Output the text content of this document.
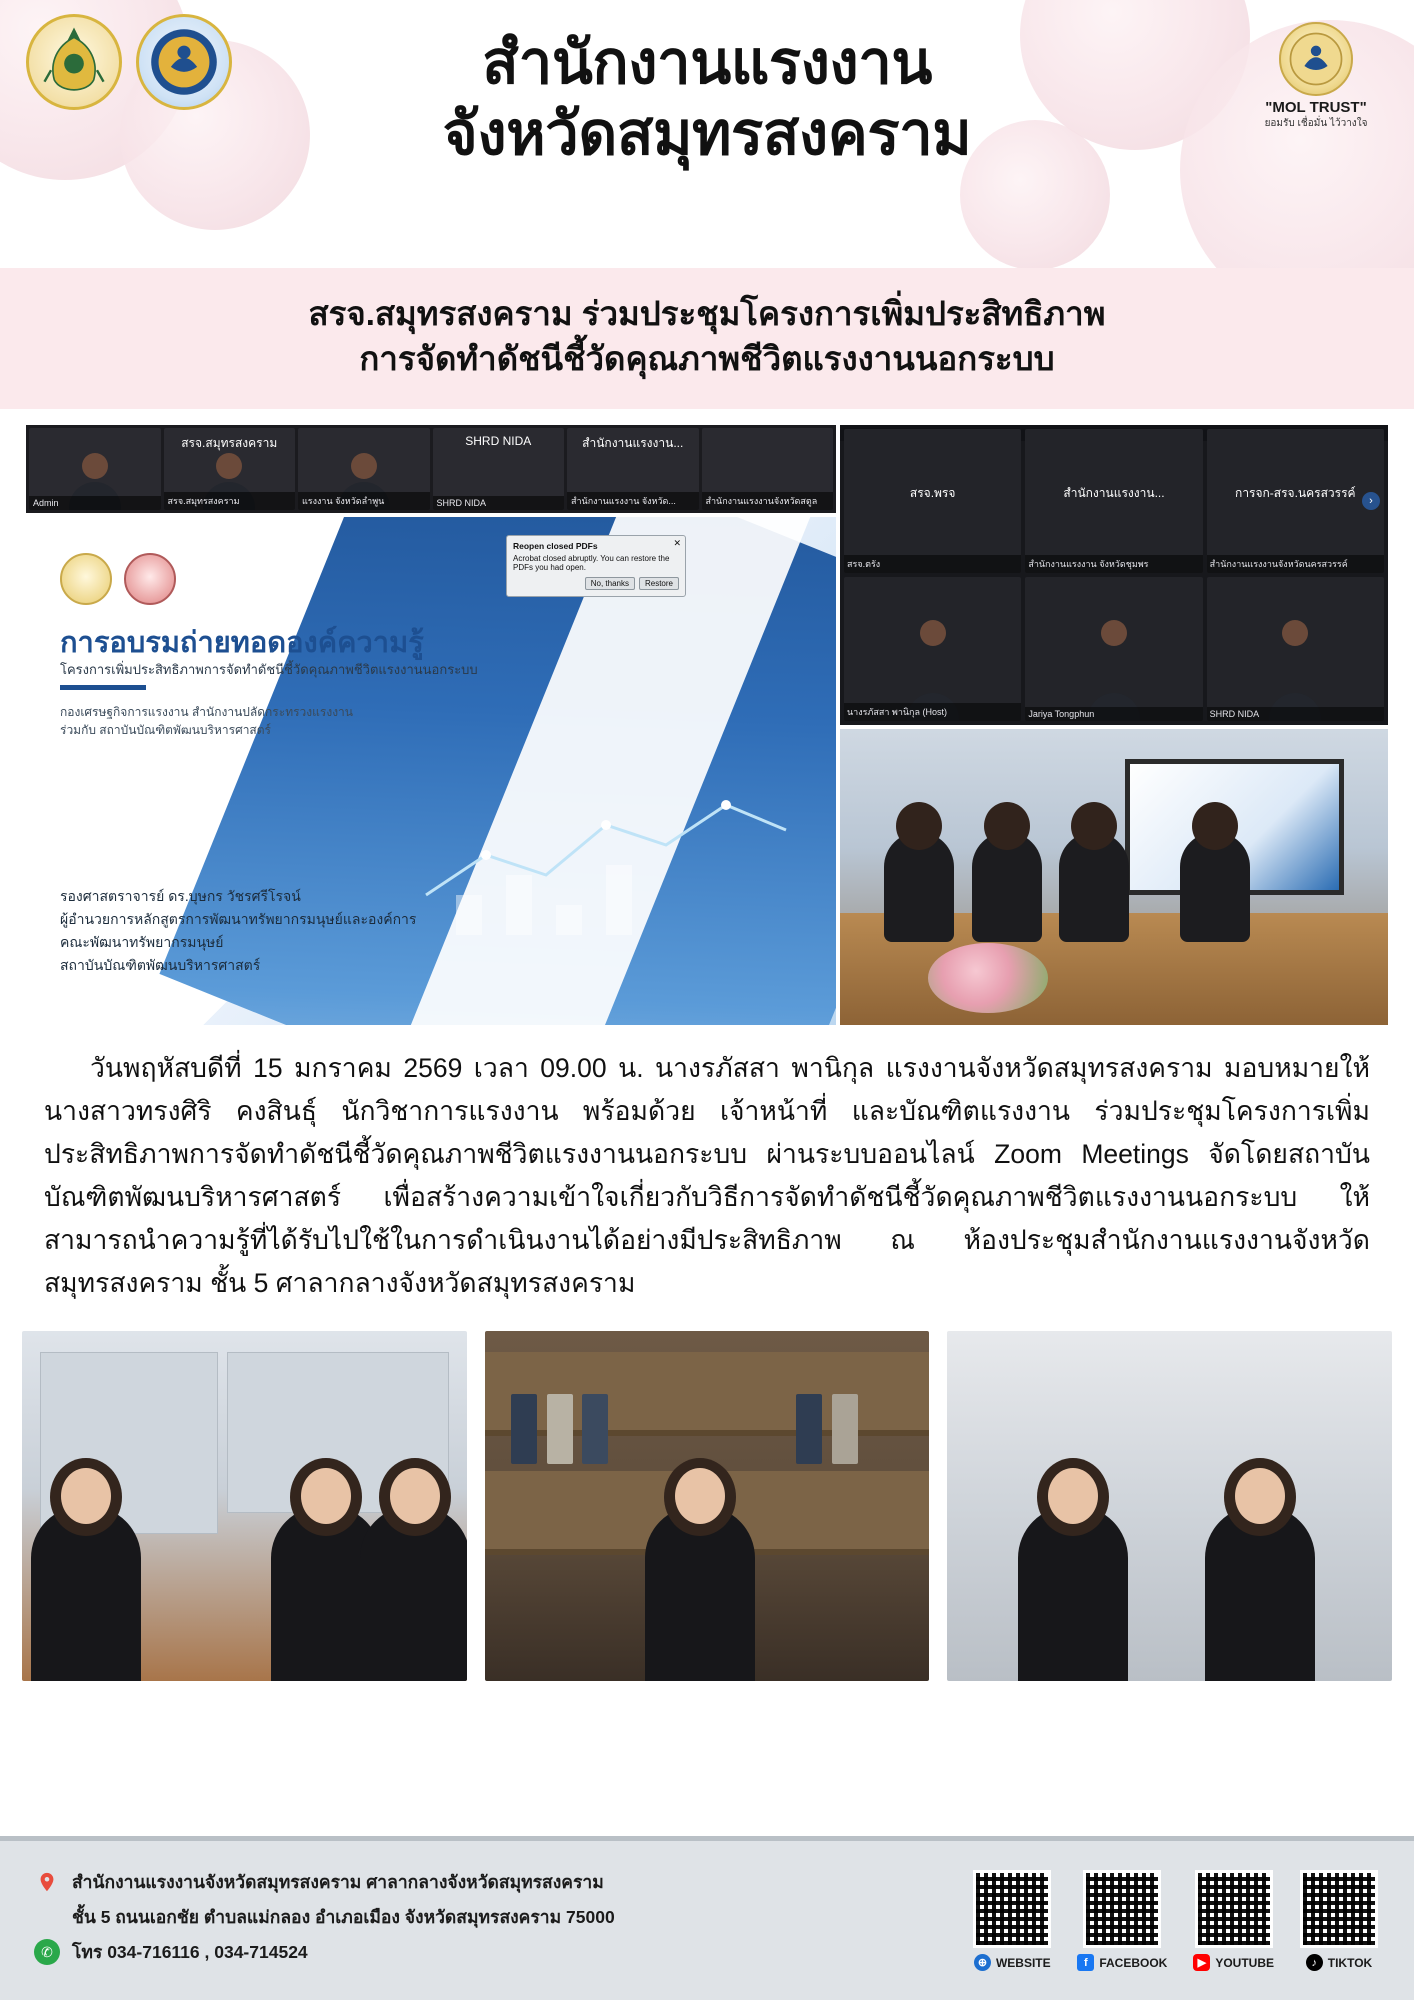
สำนักงานแรงงาน
จังหวัดสมุทรสงคราม	"MOL TRUST"
ยอมรับ เชื่อมั่น ไว้วางใจ
สรจ.สมุทรสงคราม ร่วมประชุมโครงการเพิ่มประสิทธิภาพ
การจัดทำดัชนีชี้วัดคุณภาพชีวิตแรงงานนอกระบบ
Admin
สรจ.สมุทรสงคราม
สรจ.สมุทรสงคราม	แรงงาน จังหวัดลำพูน
SHRD NIDA
SHRD NIDA
สำนักงานแรงงาน...
สำนักงานแรงงาน จังหวัด...	สำนักงานแรงงานจังหวัดสตูล
การอบรมถ่ายทอดองค์ความรู้
โครงการเพิ่มประสิทธิภาพการจัดทำดัชนีชี้วัดคุณภาพชีวิตแรงงานนอกระบบ
กองเศรษฐกิจการแรงงาน สำนักงานปลัดกระทรวงแรงงาน
ร่วมกับ สถาบันบัณฑิตพัฒนบริหารศาสตร์
รองศาสตราจารย์ ดร.บุษกร วัชรศรีโรจน์
ผู้อำนวยการหลักสูตรการพัฒนาทรัพยากรมนุษย์และองค์การ
คณะพัฒนาทรัพยากรมนุษย์
สถาบันบัณฑิตพัฒนบริหารศาสตร์
✕
Reopen closed PDFs
Acrobat closed abruptly. You can restore the PDFs you had open.
No, thanks	Restore
สรจ.พรจ
สรจ.ตรัง
สำนักงานแรงงาน...
สำนักงานแรงงาน จังหวัดชุมพร
การจก-สรจ.นครสวรรค์
สำนักงานแรงงานจังหวัดนครสวรรค์
›
นางรภัสสา พานิกุล (Host)	Jariya Tongphun	SHRD NIDA

วันพฤหัสบดีที่ 15 มกราคม 2569 เวลา 09.00 น. นางรภัสสา พานิกุล แรงงานจังหวัดสมุทรสงคราม มอบหมายให้ นางสาวทรงศิริ คงสินธุ์ นักวิชาการแรงงาน พร้อมด้วย เจ้าหน้าที่ และบัณฑิตแรงงาน ร่วมประชุมโครงการเพิ่มประสิทธิภาพการจัดทำดัชนีชี้วัดคุณภาพชีวิตแรงงานนอกระบบ ผ่านระบบออนไลน์ Zoom Meetings จัดโดยสถาบันบัณฑิตพัฒนบริหารศาสตร์ เพื่อสร้างความเข้าใจเกี่ยวกับวิธีการจัดทำดัชนีชี้วัดคุณภาพชีวิตแรงงานนอกระบบ ให้สามารถนำความรู้ที่ได้รับไปใช้ในการดำเนินงานได้อย่างมีประสิทธิภาพ ณ ห้องประชุมสำนักงานแรงงานจังหวัดสมุทรสงคราม ชั้น 5 ศาลากลางจังหวัดสมุทรสงคราม

สำนักงานแรงงานจังหวัดสมุทรสงคราม ศาลากลางจังหวัดสมุทรสงคราม
ชั้น 5 ถนนเอกชัย ตำบลแม่กลอง อำเภอเมือง จังหวัดสมุทรสงคราม 75000
✆	โทร 034-716116 , 034-714524
⊕ WEBSITE	f FACEBOOK	▶ YOUTUBE	♪ TIKTOK
